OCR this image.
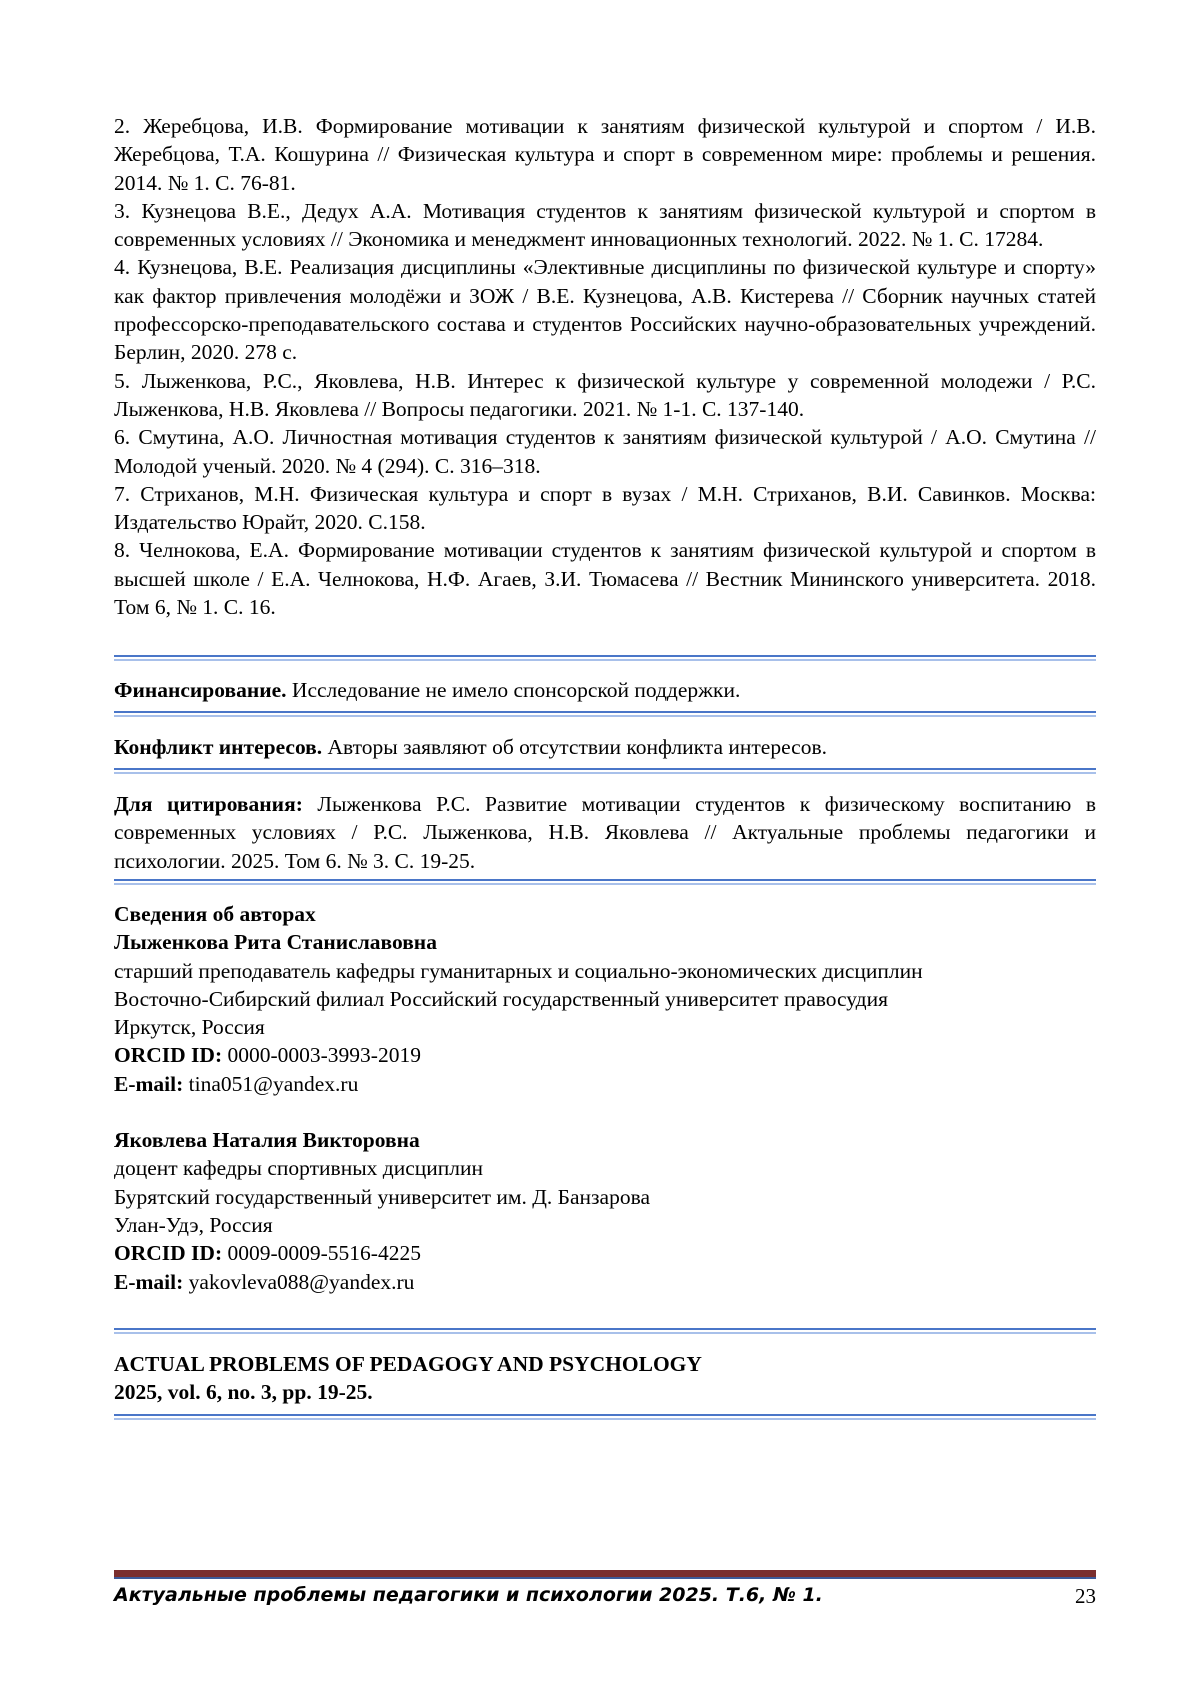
2. Жеребцова, И.В. Формирование мотивации к занятиям физической культурой и спортом / И.В. Жеребцова, Т.А. Кошурина // Физическая культура и спорт в современном мире: проблемы и решения. 2014. № 1. С. 76-81.
3. Кузнецова В.Е., Дедух А.А. Мотивация студентов к занятиям физической культурой и спортом в современных условиях // Экономика и менеджмент инновационных технологий. 2022. № 1. С. 17284.
4. Кузнецова, В.Е. Реализация дисциплины «Элективные дисциплины по физической культуре и спорту» как фактор привлечения молодёжи и ЗОЖ / В.Е. Кузнецова, А.В. Кистерева // Сборник научных статей профессорско-преподавательского состава и студентов Российских научно-образовательных учреждений. Берлин, 2020. 278 с.
5. Лыженкова, Р.С., Яковлева, Н.В. Интерес к физической культуре у современной молодежи / Р.С. Лыженкова, Н.В. Яковлева // Вопросы педагогики. 2021. № 1-1. С. 137-140.
6. Смутина, А.О. Личностная мотивация студентов к занятиям физической культурой / А.О. Смутина // Молодой ученый. 2020. № 4 (294). С. 316–318.
7. Стриханов, М.Н. Физическая культура и спорт в вузах / М.Н. Стриханов, В.И. Савинков. Москва: Издательство Юрайт, 2020. С.158.
8. Челнокова, Е.А. Формирование мотивации студентов к занятиям физической культурой и спортом в высшей школе / Е.А. Челнокова, Н.Ф. Агаев, З.И. Тюмасева // Вестник Мининского университета. 2018. Том 6, № 1. С. 16.
Финансирование. Исследование не имело спонсорской поддержки.
Конфликт интересов. Авторы заявляют об отсутствии конфликта интересов.
Для цитирования: Лыженкова Р.С. Развитие мотивации студентов к физическому воспитанию в современных условиях / Р.С. Лыженкова, Н.В. Яковлева // Актуальные проблемы педагогики и психологии. 2025. Том 6. № 3. С. 19-25.
Сведения об авторах
Лыженкова Рита Станиславовна
старший преподаватель кафедры гуманитарных и социально-экономических дисциплин
Восточно-Сибирский филиал Российский государственный университет правосудия
Иркутск, Россия
ORCID ID: 0000-0003-3993-2019
E-mail: tina051@yandex.ru
Яковлева Наталия Викторовна
доцент кафедры спортивных дисциплин
Бурятский государственный университет им. Д. Банзарова
Улан-Удэ, Россия
ORCID ID: 0009-0009-5516-4225
E-mail: yakovleva088@yandex.ru
ACTUAL PROBLEMS OF PEDAGOGY AND PSYCHOLOGY
2025, vol. 6, no. 3, pp. 19-25.
Актуальные проблемы педагогики и психологии 2025. Т.6, № 1.	23
